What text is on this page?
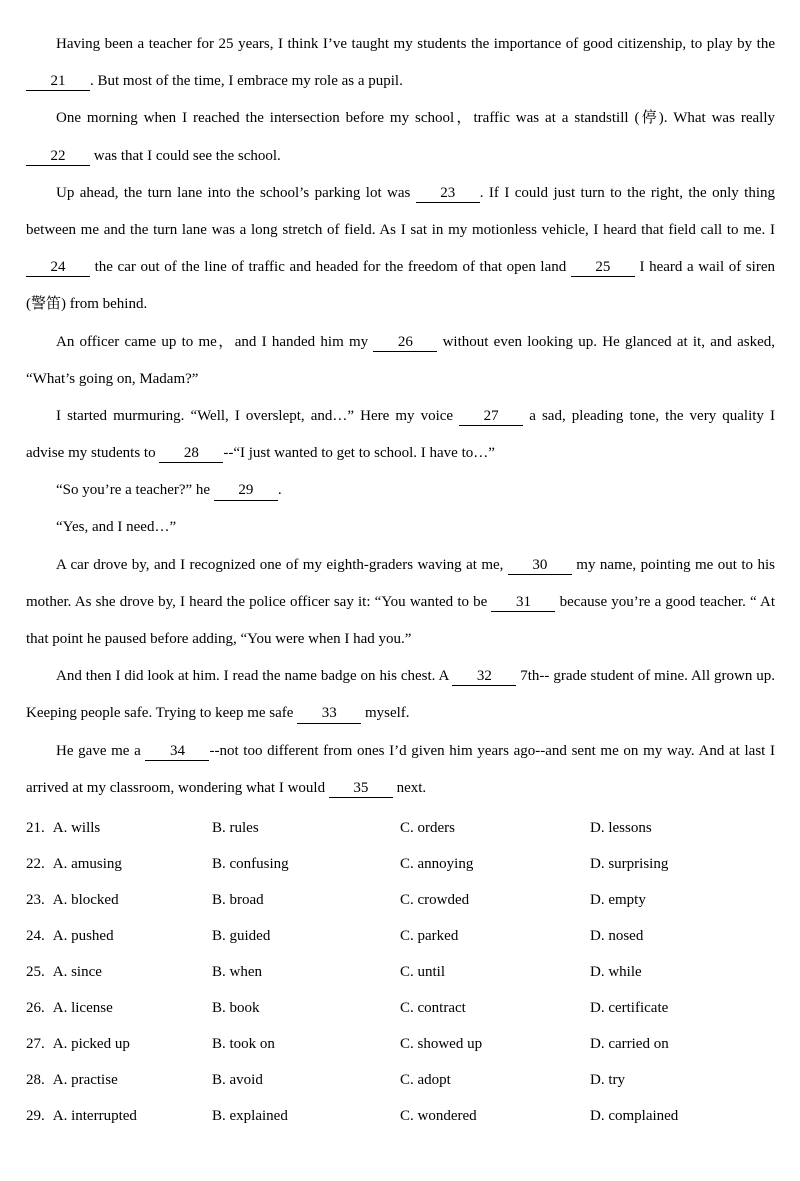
Having been a teacher for 25 years, I think I’ve taught my students the importance of good citizenship, to play by the 21 . But most of the time, I embrace my role as a pupil.

One morning when I reached the intersection before my school，traffic was at a standstill (停). What was really 22 was that I could see the school.

Up ahead, the turn lane into the school’s parking lot was 23 . If I could just turn to the right, the only thing between me and the turn lane was a long stretch of field. As I sat in my motionless vehicle, I heard that field call to me. I 24 the car out of the line of traffic and headed for the freedom of that open land 25 I heard a wail of siren (警笛) from behind.

An officer came up to me，and I handed him my 26 without even looking up. He glanced at it, and asked, “What’s going on, Madam?”

I started murmuring. “Well, I overslept, and…” Here my voice 27 a sad, pleading tone, the very quality I advise my students to 28 --“I just wanted to get to school. I have to…”

“So you’re a teacher?” he 29 .

“Yes, and I need…”

A car drove by, and I recognized one of my eighth-graders waving at me, 30 my name, pointing me out to his mother. As she drove by, I heard the police officer say it: “You wanted to be 31 because you’re a good teacher. “ At that point he paused before adding, “You were when I had you.”

And then I did look at him. I read the name badge on his chest. A 32 7th-- grade student of mine. All grown up. Keeping people safe. Trying to keep me safe 33 myself.

He gave me a 34 --not too different from ones I’d given him years ago--and sent me on my way. And at last I arrived at my classroom, wondering what I would 35 next.

21. A. wills	B. rules	C. orders	D. lessons
22. A. amusing	B. confusing	C. annoying	D. surprising
23. A. blocked	B. broad	C. crowded	D. empty
24. A. pushed	B. guided	C. parked	D. nosed
25. A. since	B. when	C. until	D. while
26. A. license	B. book	C. contract	D. certificate
27. A. picked up	B. took on	C. showed up	D. carried on
28. A. practise	B. avoid	C. adopt	D. try
29. A. interrupted	B. explained	C. wondered	D. complained
